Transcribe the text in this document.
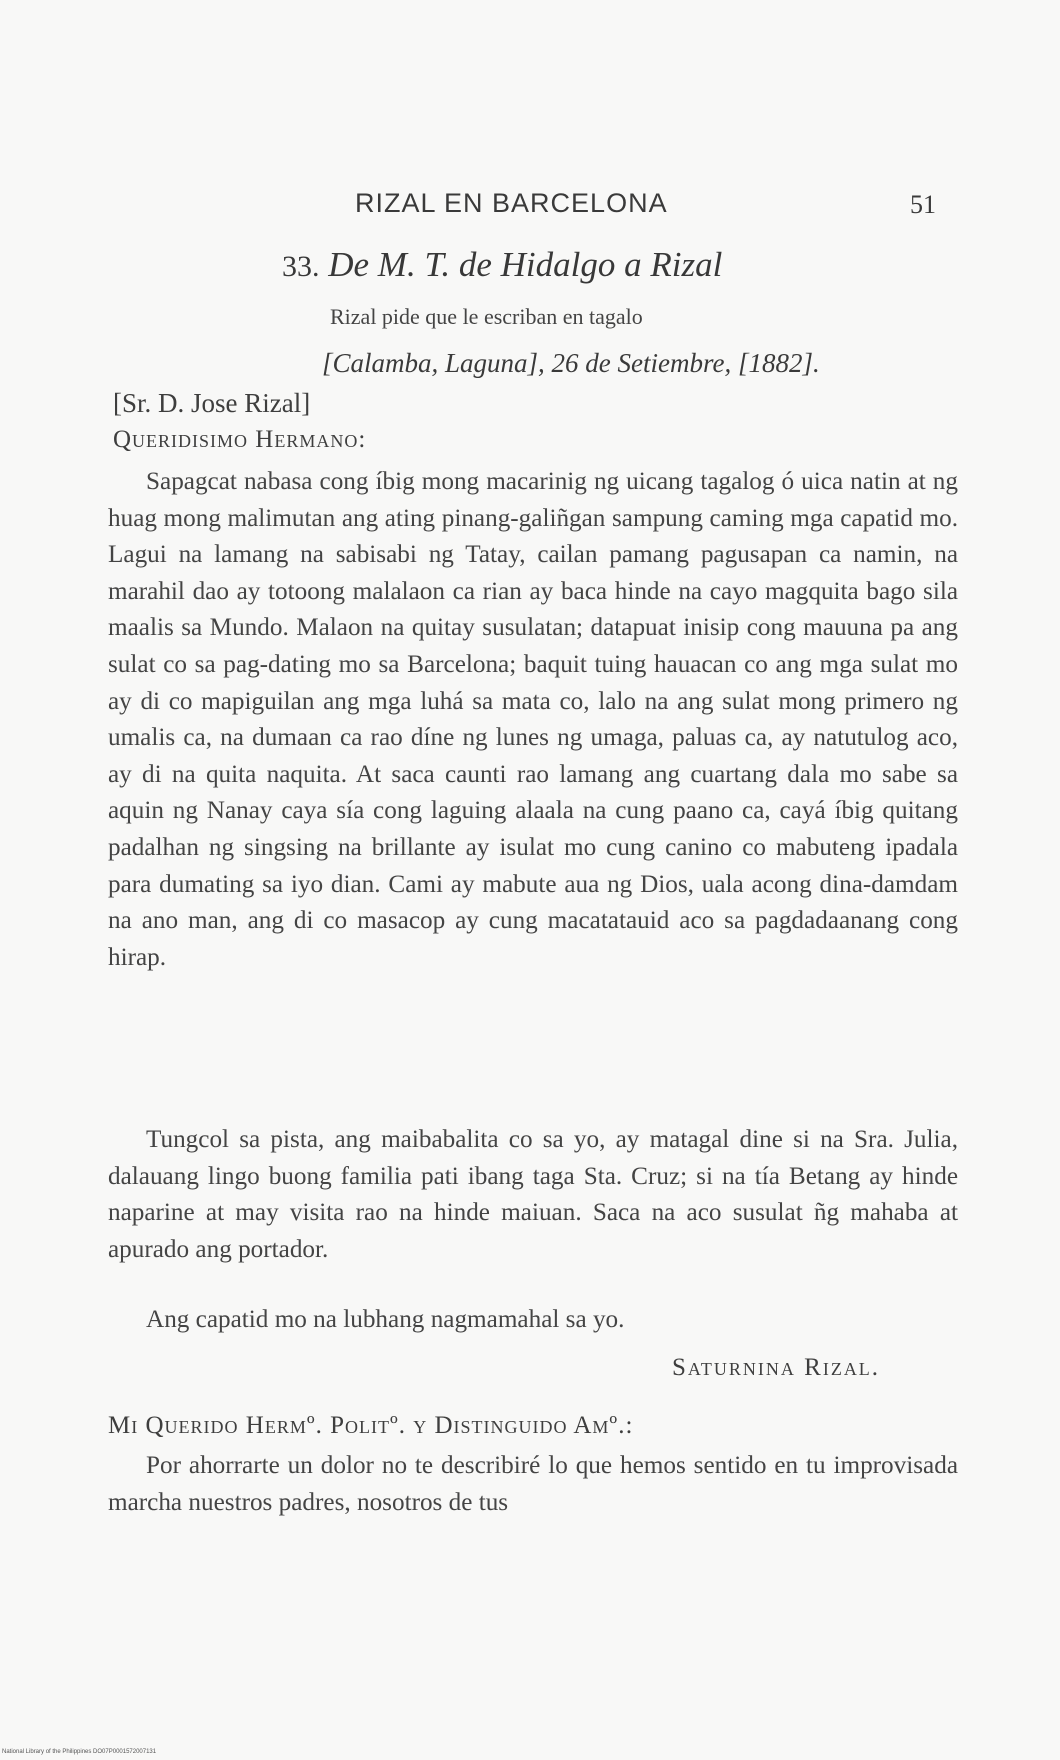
RIZAL EN BARCELONA	51
33. De M. T. de Hidalgo a Rizal
Rizal pide que le escriban en tagalo
[Calamba, Laguna], 26 de Setiembre, [1882].
[Sr. D. Jose Rizal]
Queridisimo Hermano:

Sapagcat nabasa cong íbig mong macarinig ng uicang tagalog ó uica natin at ng huag mong malimutan ang ating pinang-galiñgan sampung caming mga capatid mo. Lagui na lamang na sabisabi ng Tatay, cailan pamang pagusapan ca namin, na marahil dao ay totoong malalaon ca rian ay baca hinde na cayo magquita bago sila maalis sa Mundo. Malaon na quitay susulatan; datapuat inisip cong mauuna pa ang sulat co sa pag-dating mo sa Barcelona; baquit tuing hauacan co ang mga sulat mo ay di co mapiguilan ang mga luhá sa mata co, lalo na ang sulat mong primero ng umalis ca, na dumaan ca rao díne ng lunes ng umaga, paluas ca, ay natutulog aco, ay di na quita naquita. At saca caunti rao lamang ang cuartang dala mo sabe sa aquin ng Nanay caya sía cong laguing alaala na cung paano ca, cayá íbig quitang padalhan ng singsing na brillante ay isulat mo cung canino co mabuteng ipadala para dumating sa iyo dian. Cami ay mabute aua ng Dios, uala acong dina-damdam na ano man, ang di co masacop ay cung macatatauid aco sa pagdadaanang cong hirap.

Tungcol sa pista, ang maibabalita co sa yo, ay matagal dine si na Sra. Julia, dalauang lingo buong familia pati ibang taga Sta. Cruz; si na tía Betang ay hinde naparine at may visita rao na hinde maiuan. Saca na aco susulat ñg mahaba at apurado ang portador.

Ang capatid mo na lubhang nagmamahal sa yo.

Saturnina Rizal.
Mi Querido Hermº. Politº. y Distinguido Amº.:

Por ahorrarte un dolor no te describiré lo que hemos sentido en tu improvisada marcha nuestros padres, nosotros de tus

National Library of the Philippines DO07P0001572007131
